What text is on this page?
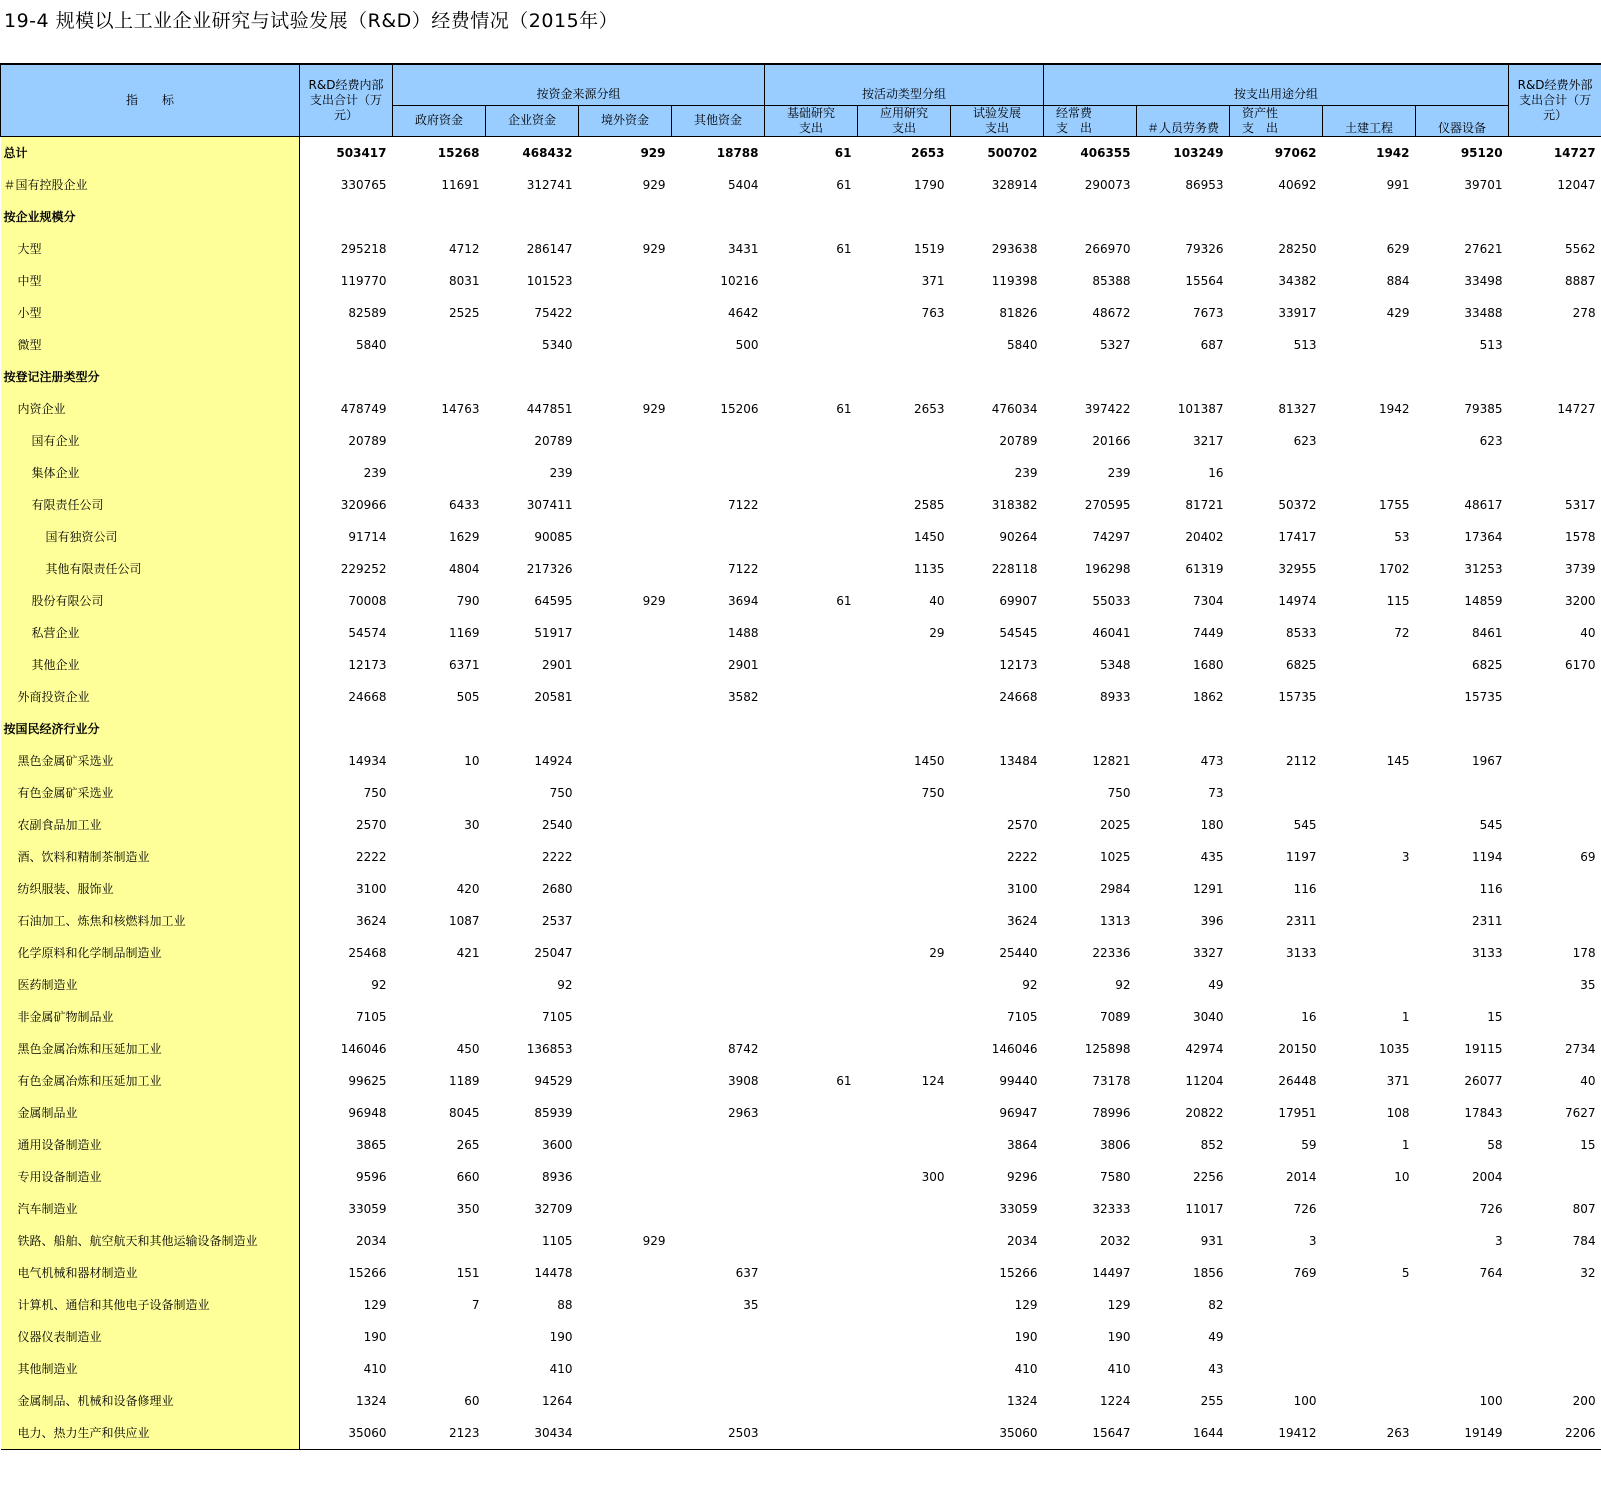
19-4 规模以上工业企业研究与试验发展（R&D）经费情况（2015年）
指　　标	R&D经费内部支出合计（万元）													R&D经费外部支出合计（万元）
		按资金来源分组				按活动类型分组			按支出用途分组					
		政府资金	企业资金	境外资金	其他资金	基础研究支出	应用研究支出	试验发展支出	经常费支　出	＃人员劳务费	资产性支　出	土建工程	仪器设备	
总计	503417	15268	468432	929	18788	61	2653	500702	406355	103249	97062	1942	95120	14727
＃国有控股企业	330765	11691	312741	929	5404	61	1790	328914	290073	86953	40692	991	39701	12047
按企业规模分														
大型	295218	4712	286147	929	3431	61	1519	293638	266970	79326	28250	629	27621	5562
中型	119770	8031	101523		10216		371	119398	85388	15564	34382	884	33498	8887
小型	82589	2525	75422		4642		763	81826	48672	7673	33917	429	33488	278
微型	5840		5340		500			5840	5327	687	513		513	
按登记注册类型分														
内资企业	478749	14763	447851	929	15206	61	2653	476034	397422	101387	81327	1942	79385	14727
国有企业	20789		20789					20789	20166	3217	623		623	
集体企业	239		239					239	239	16				
有限责任公司	320966	6433	307411		7122		2585	318382	270595	81721	50372	1755	48617	5317
国有独资公司	91714	1629	90085				1450	90264	74297	20402	17417	53	17364	1578
其他有限责任公司	229252	4804	217326		7122		1135	228118	196298	61319	32955	1702	31253	3739
股份有限公司	70008	790	64595	929	3694	61	40	69907	55033	7304	14974	115	14859	3200
私营企业	54574	1169	51917		1488		29	54545	46041	7449	8533	72	8461	40
其他企业	12173	6371	2901		2901			12173	5348	1680	6825		6825	6170
外商投资企业	24668	505	20581		3582			24668	8933	1862	15735		15735	
按国民经济行业分														
黑色金属矿采选业	14934	10	14924				1450	13484	12821	473	2112	145	1967	
有色金属矿采选业	750		750				750		750	73				
农副食品加工业	2570	30	2540					2570	2025	180	545		545	
酒、饮料和精制茶制造业	2222		2222					2222	1025	435	1197	3	1194	69
纺织服装、服饰业	3100	420	2680					3100	2984	1291	116		116	
石油加工、炼焦和核燃料加工业	3624	1087	2537					3624	1313	396	2311		2311	
化学原料和化学制品制造业	25468	421	25047				29	25440	22336	3327	3133		3133	178
医药制造业	92		92					92	92	49				35
非金属矿物制品业	7105		7105					7105	7089	3040	16	1	15	
黑色金属冶炼和压延加工业	146046	450	136853		8742			146046	125898	42974	20150	1035	19115	2734
有色金属冶炼和压延加工业	99625	1189	94529		3908	61	124	99440	73178	11204	26448	371	26077	40
金属制品业	96948	8045	85939		2963			96947	78996	20822	17951	108	17843	7627
通用设备制造业	3865	265	3600					3864	3806	852	59	1	58	15
专用设备制造业	9596	660	8936				300	9296	7580	2256	2014	10	2004	
汽车制造业	33059	350	32709					33059	32333	11017	726		726	807
铁路、船舶、航空航天和其他运输设备制造业	2034		1105	929				2034	2032	931	3		3	784
电气机械和器材制造业	15266	151	14478		637			15266	14497	1856	769	5	764	32
计算机、通信和其他电子设备制造业	129	7	88		35			129	129	82				
仪器仪表制造业	190		190					190	190	49				
其他制造业	410		410					410	410	43				
金属制品、机械和设备修理业	1324	60	1264					1324	1224	255	100		100	200
电力、热力生产和供应业	35060	2123	30434		2503			35060	15647	1644	19412	263	19149	2206
